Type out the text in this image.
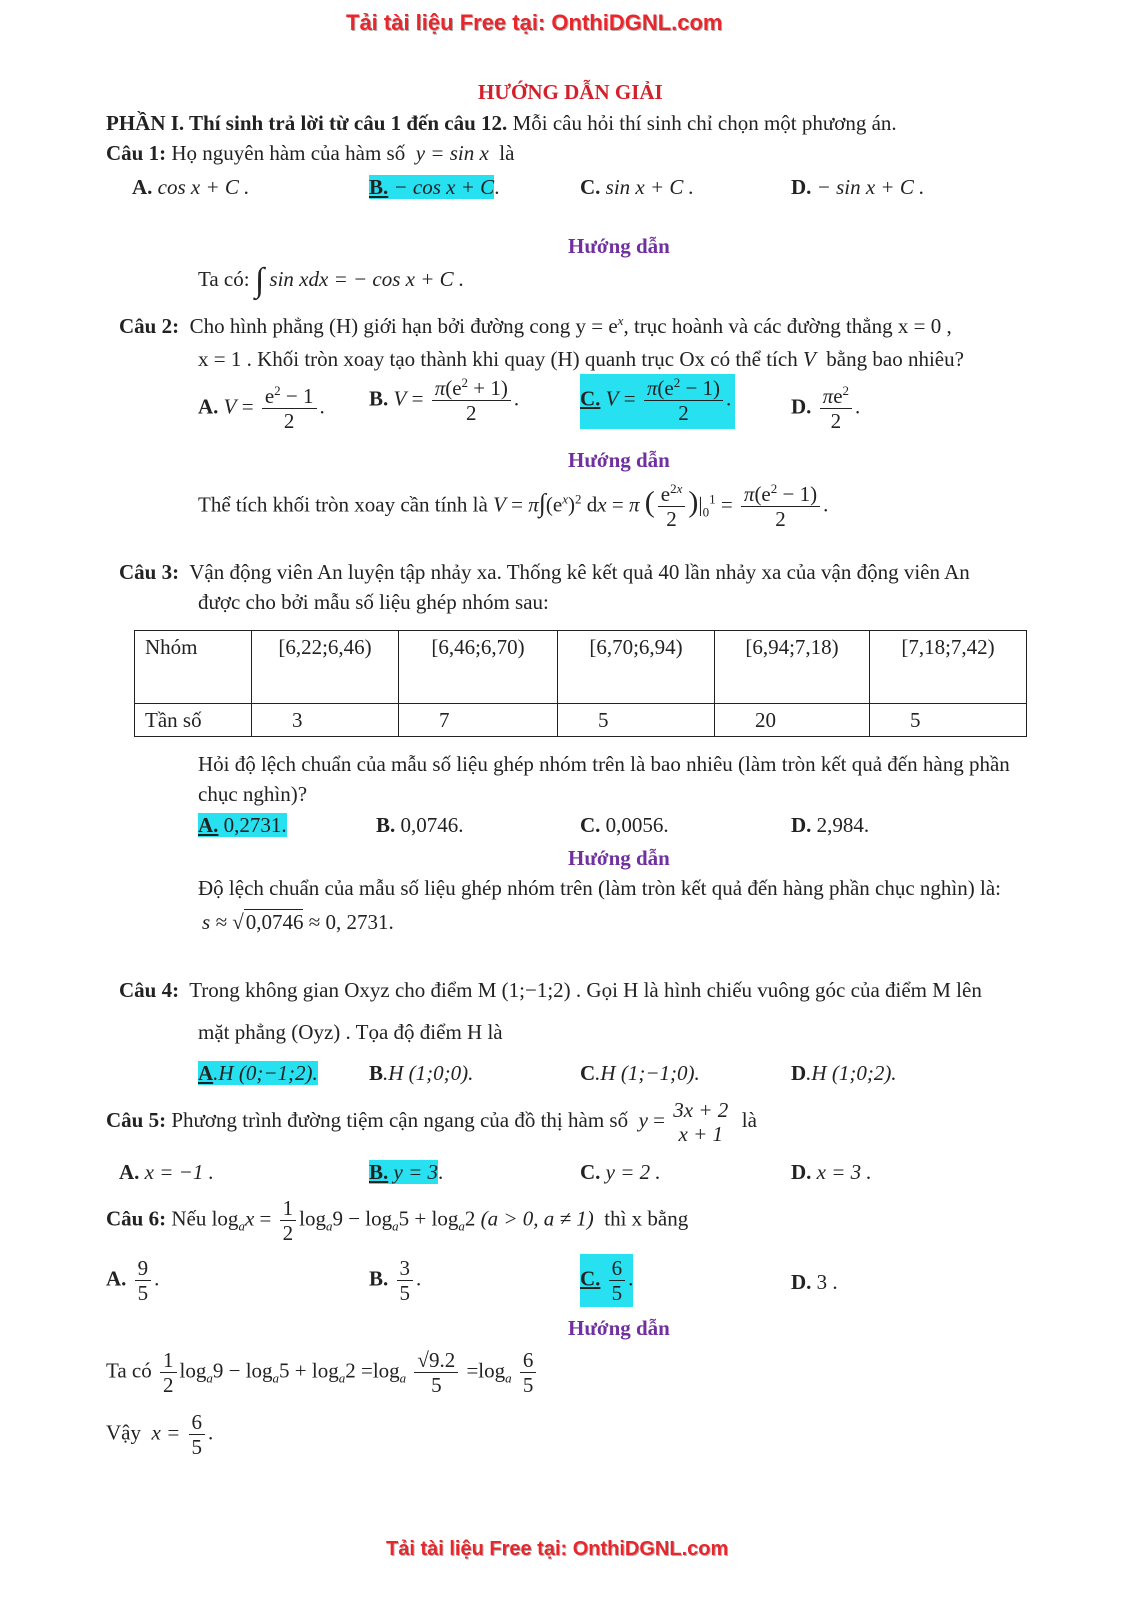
Tải tài liệu Free tại: OnthiDGNL.com
HƯỚNG DẪN GIẢI
PHẦN I. Thí sinh trả lời từ câu 1 đến câu 12. Mỗi câu hỏi thí sinh chỉ chọn một phương án.
Câu 1: Họ nguyên hàm của hàm số y = sin x là
A. cos x + C .	B. − cos x + C.	C. sin x + C .	D. − sin x + C .
Hướng dẫn
Ta có: ∫ sin xdx = − cos x + C .
Câu 2: Cho hình phẳng (H) giới hạn bởi đường cong $y = e^x$, trục hoành và các đường thẳng x = 0 ,
x = 1 . Khối tròn xoay tạo thành khi quay (H) quanh trục Ox có thể tích V bằng bao nhiêu?
A. $V = \frac{e^2 - 1}{2}$ . B. $V = \frac{\pi(e^2 + 1)}{2}$ .	C. $V = \frac{\pi(e^2 - 1)}{2}$ .	D. $\frac{\pi e^2}{2}$ .
Hướng dẫn
Thể tích khối tròn xoay cần tính là $V = \pi\int(e^x)^2$ dx = π ( $\frac{e^{2x}}{2} )|_0^1 = \frac{\pi(e^2 - 1)}{2}$ .
Câu 3: Vận động viên An luyện tập nhảy xa. Thống kê kết quả 40 lần nhảy xa của vận động viên An
được cho bởi mẫu số liệu ghép nhóm sau:
Nhóm	[6,22;6,46)	[6,46;6,70)	[6,70;6,94)	[6,94;7,18)	[7,18;7,42)
Tần số	3	7	5	20	5
Hỏi độ lệch chuẩn của mẫu số liệu ghép nhóm trên là bao nhiêu (làm tròn kết quả đến hàng phần
chục nghìn)?
A. 0,2731.	B. 0,0746.	C. 0,0056.	D. 2,984.
Hướng dẫn
Độ lệch chuẩn của mẫu số liệu ghép nhóm trên (làm tròn kết quả đến hàng phần chục nghìn) là:
s ≈ √0,0746 ≈ 0, 2731.
Câu 4: Trong không gian Oxyz cho điểm M (1;−1;2) . Gọi H là hình chiếu vuông góc của điểm M lên
mặt phẳng (Oyz) . Tọa độ điểm H là
A.H (0;−1;2). B.H (1;0;0).	C.H (1;−1;0).	D.H (1;0;2).
Câu 5: Phương trình đường tiệm cận ngang của đồ thị hàm số y = 3x + 2
x + 1
là
A. x = −1 .	B. y = 3.	C. y = 2 .	D. x = 3 .
Câu 6: Nếu $\log_ax = \frac{1}{2} \log_a9 - \log_a5 + \log_a2$ (a > 0, a ≠ 1) thì x bằng
A. $\frac{9}{5}$ .	B. $\frac{3}{5}$ .	C. $\frac{6}{5}$ .	D. 3 .
Hướng dẫn
Ta có $\frac{1}{2} \log_a9 - \log_a5 + \log_a2 =\log_a \frac{√9.2}{5} =\log_a \frac{6}{5}$
Vậy $x = \frac{6}{5}$ .
Tải tài liệu Free tại: OnthiDGNL.com
